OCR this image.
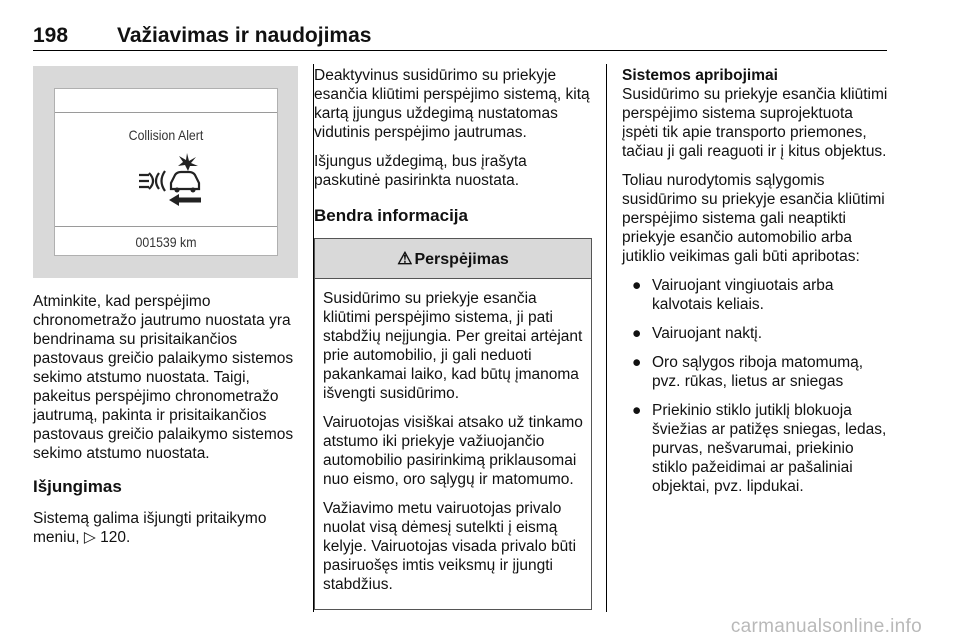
198 Važiavimas ir naudojimas
Collision Alert
001539 km

Atminkite, kad perspėjimo chronometražo jautrumo nuostata yra bendrinama su prisitaikančios pastovaus greičio palaikymo sistemos sekimo atstumo nuostata. Taigi, pakeitus perspėjimo chronometražo jautrumą, pakinta ir prisitaikančios pastovaus greičio palaikymo sistemos sekimo atstumo nuostata.

Išjungimas

Sistemą galima išjungti pritaikymo meniu, ▷ 120.

Deaktyvinus susidūrimo su priekyje esančia kliūtimi perspėjimo sistemą, kitą kartą įjungus uždegimą nustatomas vidutinis perspėjimo jautrumas.

Išjungus uždegimą, bus įrašyta paskutinė pasirinkta nuostata.

Bendra informacija
⚠ Perspėjimas

Susidūrimo su priekyje esančia kliūtimi perspėjimo sistema, ji pati stabdžių neįjungia. Per greitai artėjant prie automobilio, ji gali neduoti pakankamai laiko, kad būtų įmanoma išvengti susidūrimo.

Vairuotojas visiškai atsako už tinkamo atstumo iki priekyje važiuojančio automobilio pasirinkimą priklausomai nuo eismo, oro sąlygų ir matomumo.

Važiavimo metu vairuotojas privalo nuolat visą dėmesį sutelkti į eismą kelyje. Vairuotojas visada privalo būti pasiruošęs imtis veiksmų ir įjungti stabdžius.

Sistemos apribojimai

Susidūrimo su priekyje esančia kliūtimi perspėjimo sistema suprojektuota įspėti tik apie transporto priemones, tačiau ji gali reaguoti ir į kitus objektus.

Toliau nurodytomis sąlygomis susidūrimo su priekyje esančia kliūtimi perspėjimo sistema gali neaptikti priekyje esančio automobilio arba jutiklio veikimas gali būti apribotas:

● Vairuojant vingiuotais arba kalvotais keliais.
● Vairuojant naktį.
● Oro sąlygos riboja matomumą, pvz. rūkas, lietus ar sniegas
● Priekinio stiklo jutiklį blokuoja šviežias ar patižęs sniegas, ledas, purvas, nešvarumai, priekinio stiklo pažeidimai ar pašaliniai objektai, pvz. lipdukai.
carmanualsonline.info
